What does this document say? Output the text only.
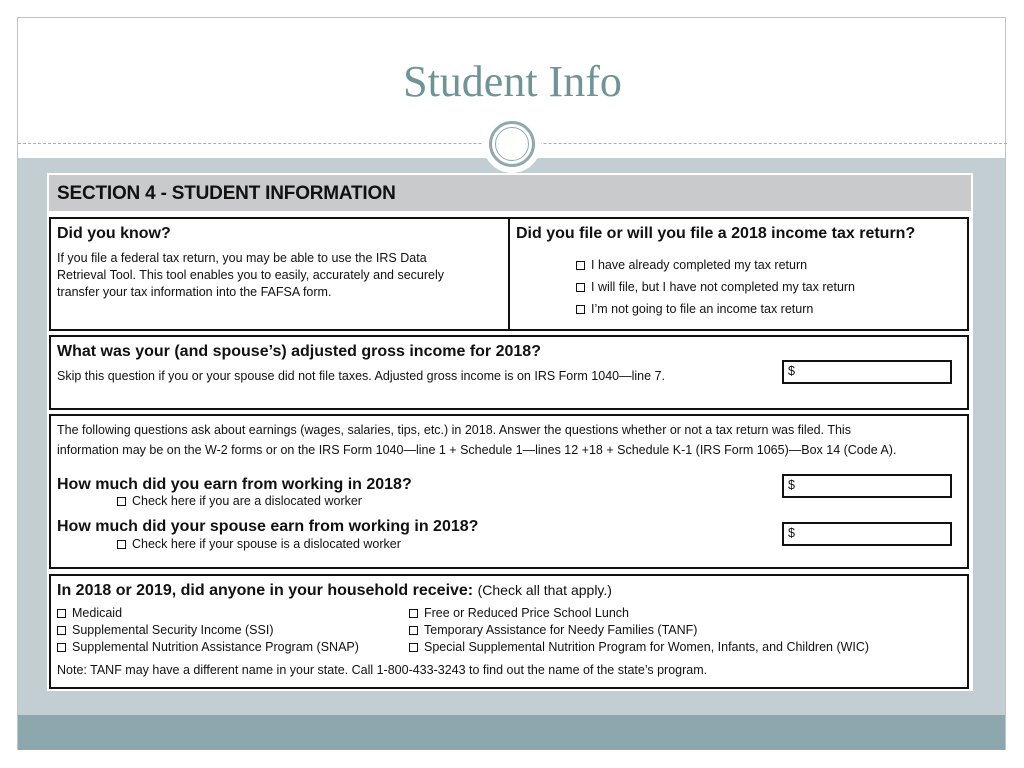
Student Info
SECTION 4 - STUDENT INFORMATION
Did you know?
If you file a federal tax return, you may be able to use the IRS Data
Retrieval Tool. This tool enables you to easily, accurately and securely
transfer your tax information into the FAFSA form.
Did you file or will you file a 2018 income tax return?
I have already completed my tax return
I will file, but I have not completed my tax return
I’m not going to file an income tax return
What was your (and spouse’s) adjusted gross income for 2018?
Skip this question if you or your spouse did not file taxes. Adjusted gross income is on IRS Form 1040—line 7.	$
The following questions ask about earnings (wages, salaries, tips, etc.) in 2018. Answer the questions whether or not a tax return was filed. This
information may be on the W-2 forms or on the IRS Form 1040—line 1 + Schedule 1—lines 12 +18 + Schedule K-1 (IRS Form 1065)—Box 14 (Code A).
How much did you earn from working in 2018?
Check here if you are a dislocated worker
$
How much did your spouse earn from working in 2018?
Check here if your spouse is a dislocated worker
$
In 2018 or 2019, did anyone in your household receive: (Check all that apply.)
Medicaid
Supplemental Security Income (SSI)
Supplemental Nutrition Assistance Program (SNAP)
Free or Reduced Price School Lunch
Temporary Assistance for Needy Families (TANF)
Special Supplemental Nutrition Program for Women, Infants, and Children (WIC)
Note: TANF may have a different name in your state. Call 1-800-433-3243 to find out the name of the state’s program.
